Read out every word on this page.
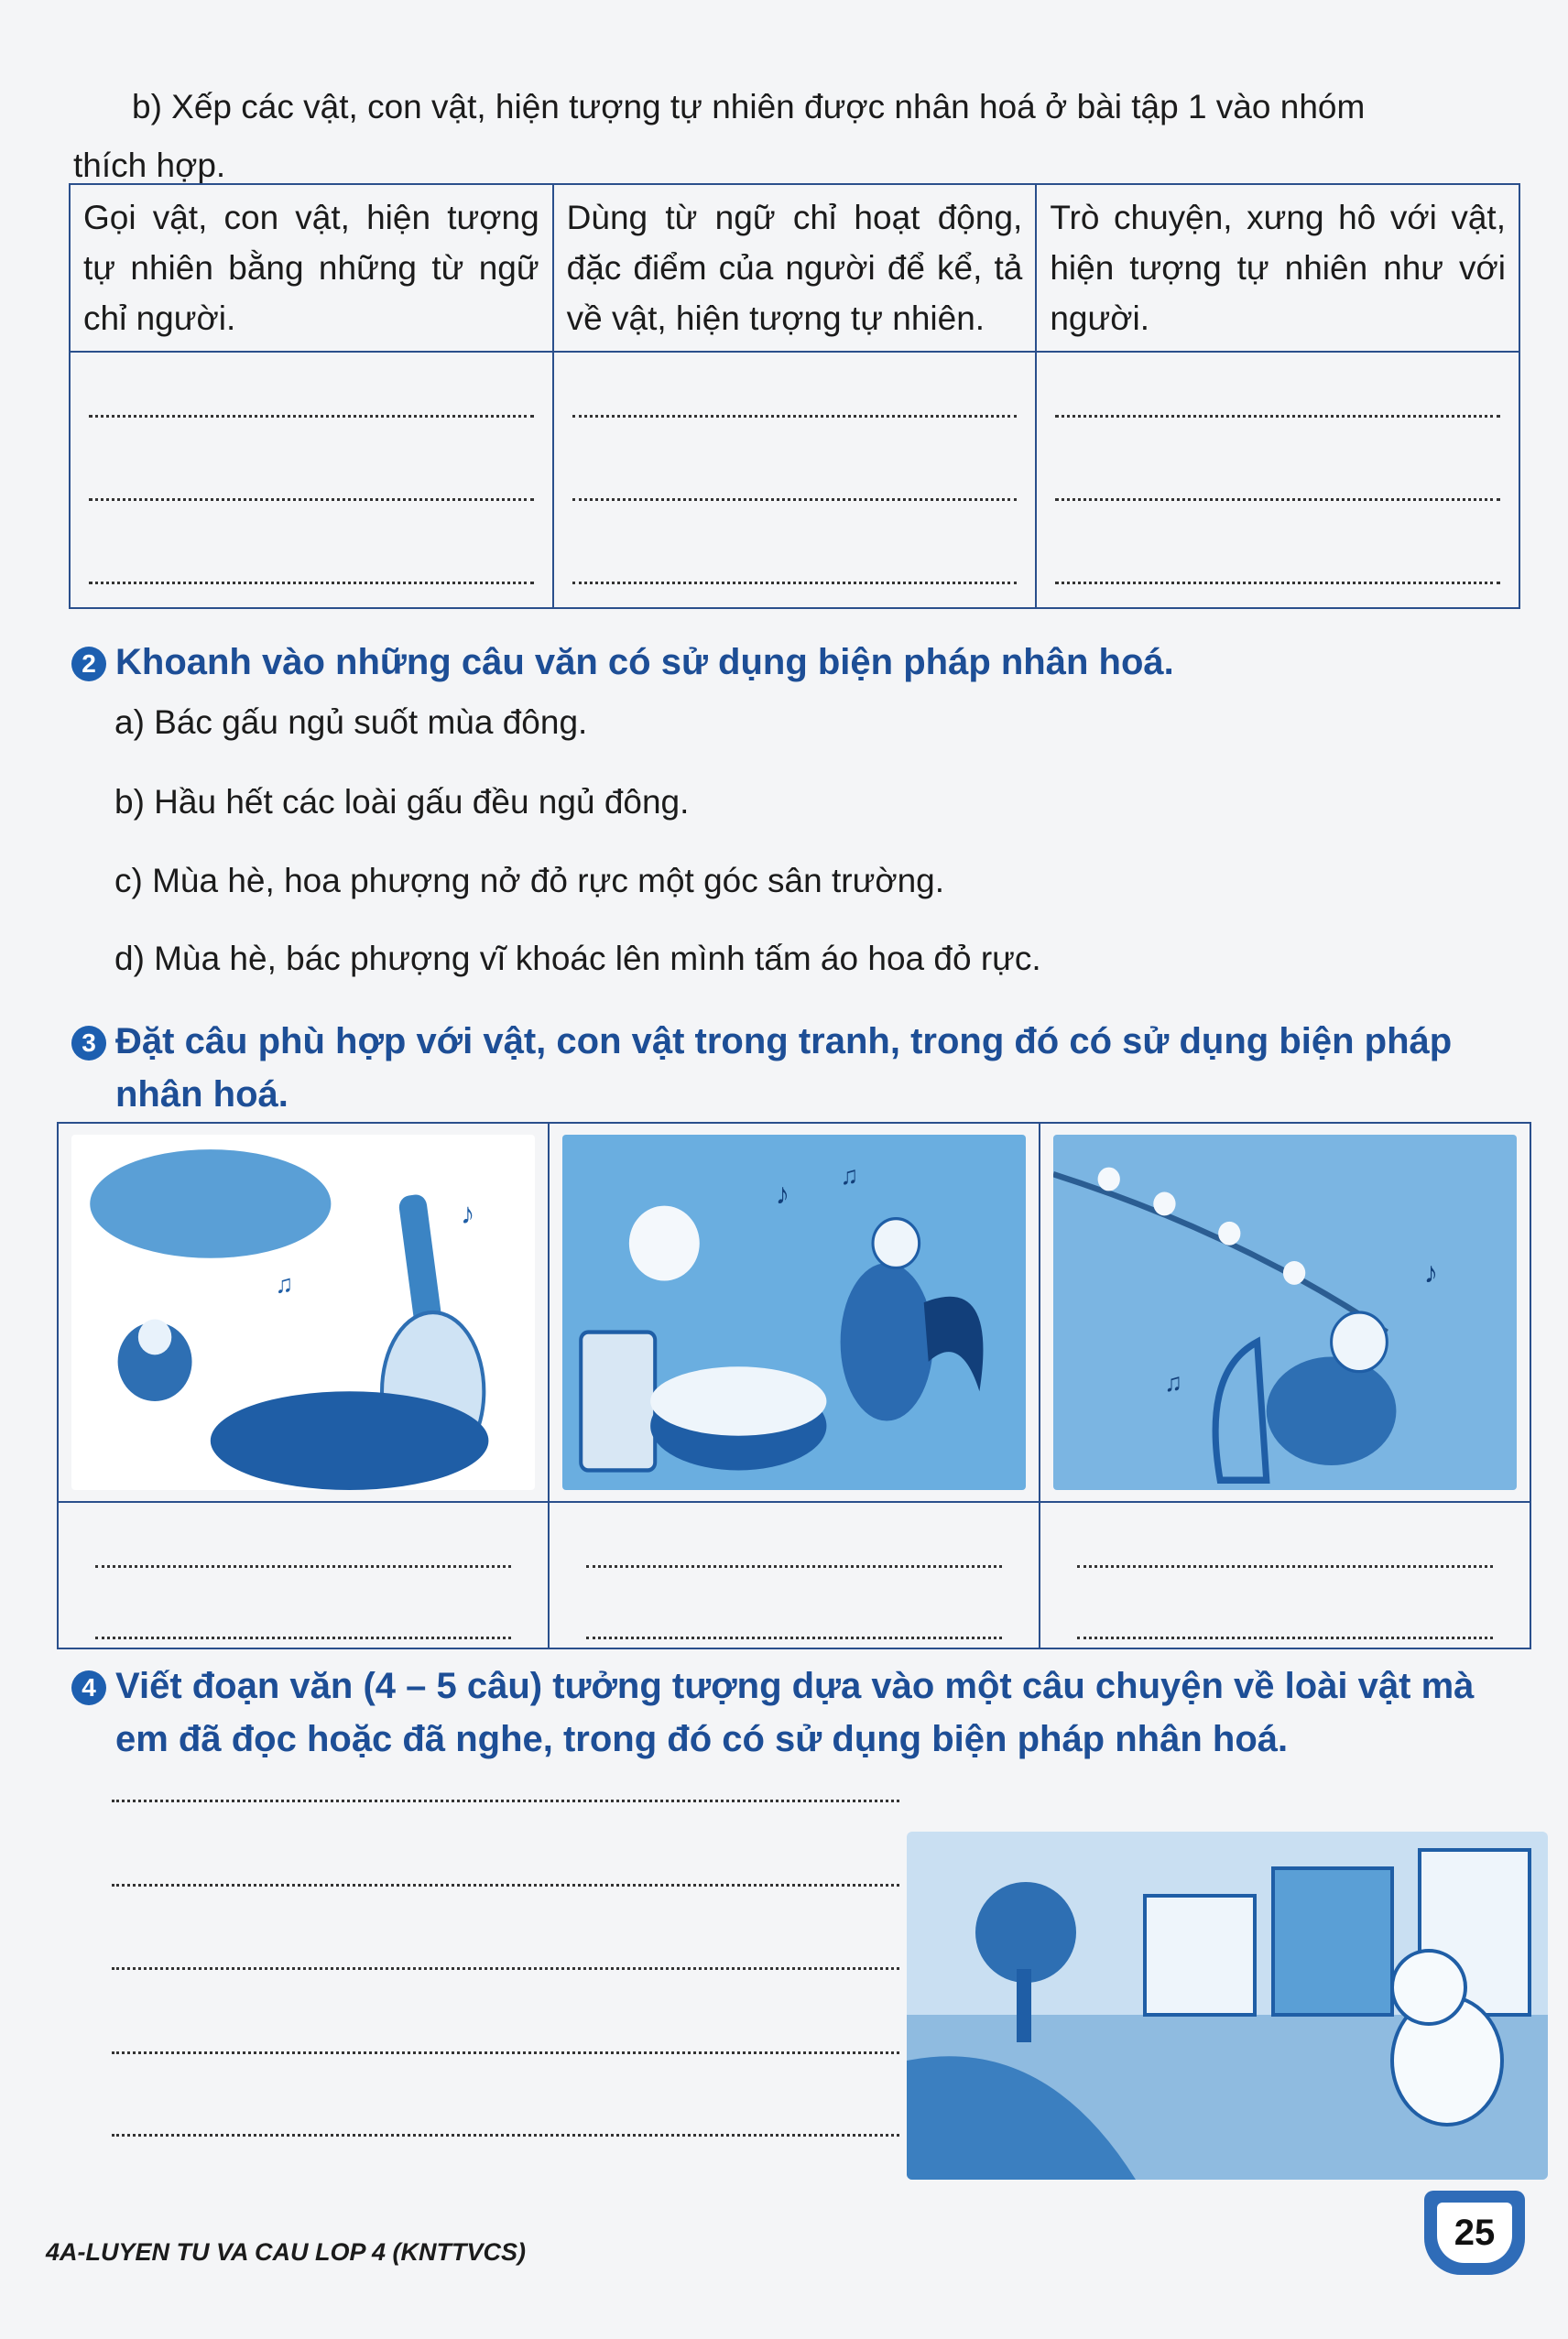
b) Xếp các vật, con vật, hiện tượng tự nhiên được nhân hoá ở bài tập 1 vào nhóm
thích hợp.
Gọi vật, con vật, hiện tượng tự nhiên bằng những từ ngữ chỉ người.	Dùng từ ngữ chỉ hoạt động, đặc điểm của người để kể, tả về vật, hiện tượng tự nhiên.	Trò chuyện, xưng hô với vật, hiện tượng tự nhiên như với người.

2 Khoanh vào những câu văn có sử dụng biện pháp nhân hoá.
a) Bác gấu ngủ suốt mùa đông.
b) Hầu hết các loài gấu đều ngủ đông.
c) Mùa hè, hoa phượng nở đỏ rực một góc sân trường.
d) Mùa hè, bác phượng vĩ khoác lên mình tấm áo hoa đỏ rực.
3 Đặt câu phù hợp với vật, con vật trong tranh, trong đó có sử dụng biện pháp
nhân hoá.
♪
♫	♪
♫	♪
♫

4 Viết đoạn văn (4 – 5 câu) tưởng tượng dựa vào một câu chuyện về loài vật mà
em đã đọc hoặc đã nghe, trong đó có sử dụng biện pháp nhân hoá.
4A-LUYEN TU VA CAU LOP 4 (KNTTVCS)	25
